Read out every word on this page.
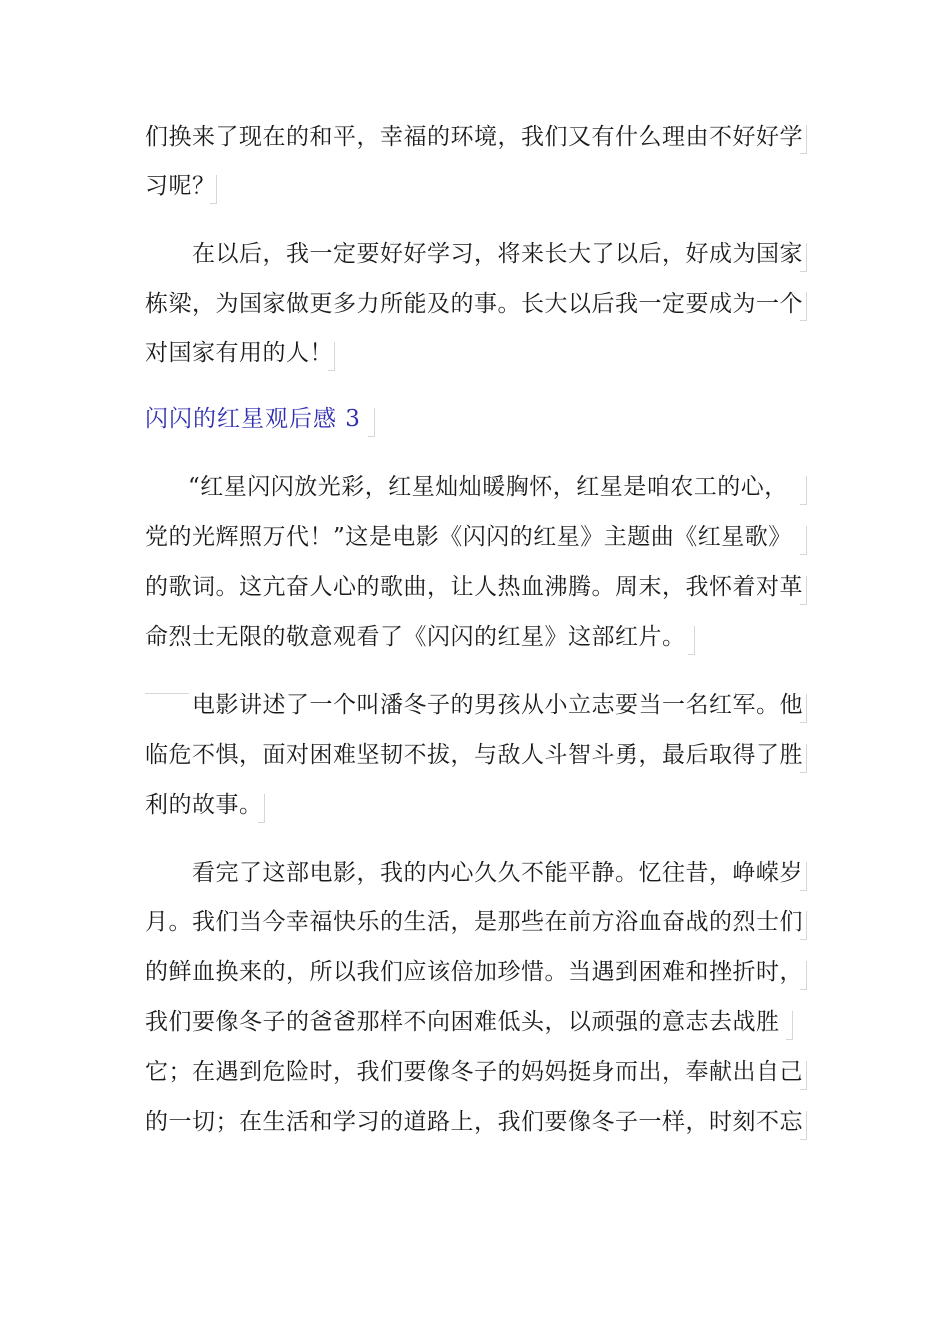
们换来了现在的和平，幸福的环境，我们又有什么理由不好好学
习呢？
在以后，我一定要好好学习，将来长大了以后，好成为国家
栋梁，为国家做更多力所能及的事。长大以后我一定要成为一个
对国家有用的人！
闪闪的红星观后感 3
“红星闪闪放光彩，红星灿灿暖胸怀，红星是咱农工的心，
党的光辉照万代！”这是电影《闪闪的红星》主题曲《红星歌》
的歌词。这亢奋人心的歌曲，让人热血沸腾。周末，我怀着对革
命烈士无限的敬意观看了《闪闪的红星》这部红片。
电影讲述了一个叫潘冬子的男孩从小立志要当一名红军。他
临危不惧，面对困难坚韧不拔，与敌人斗智斗勇，最后取得了胜
利的故事。
看完了这部电影，我的内心久久不能平静。忆往昔，峥嵘岁
月。我们当今幸福快乐的生活，是那些在前方浴血奋战的烈士们
的鲜血换来的，所以我们应该倍加珍惜。当遇到困难和挫折时，
我们要像冬子的爸爸那样不向困难低头，以顽强的意志去战胜
它；在遇到危险时，我们要像冬子的妈妈挺身而出，奉献出自己
的一切；在生活和学习的道路上，我们要像冬子一样，时刻不忘
